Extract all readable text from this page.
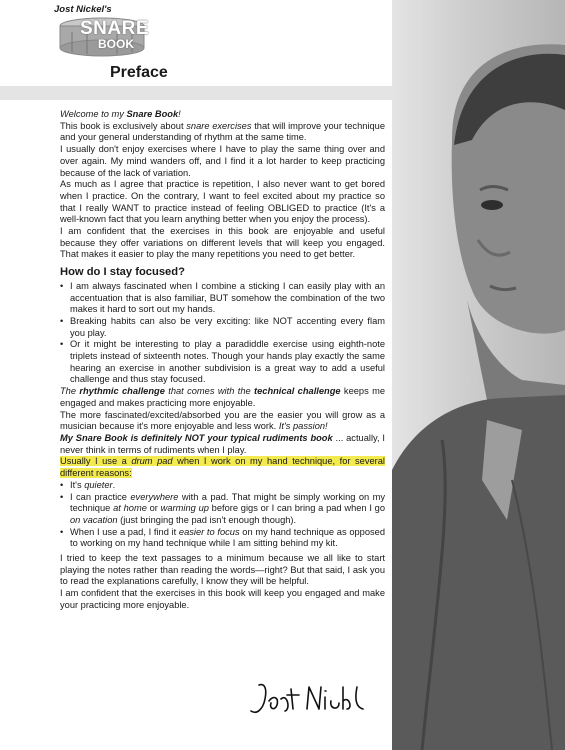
Jost Nickel's
SNARE
BOOK
Preface

Welcome to my Snare Book!

This book is exclusively about snare exercises that will improve your technique and your general understanding of rhythm at the same time.

I usually don't enjoy exercises where I have to play the same thing over and over again. My mind wanders off, and I find it a lot harder to keep practicing because of the lack of variation.

As much as I agree that practice is repetition, I also never want to get bored when I practice. On the contrary, I want to feel excited about my practice so that I really WANT to practice instead of feeling OBLIGED to practice (It's a well-known fact that you learn anything better when you enjoy the process).

I am confident that the exercises in this book are enjoyable and useful because they offer variations on different levels that will keep you engaged. That makes it easier to play the many repetitions you need to get better.

How do I stay focused?
• I am always fascinated when I combine a sticking I can easily play with an accentuation that is also familiar, BUT somehow the combination of the two makes it hard to sort out my hands.
• Breaking habits can also be very exciting: like NOT accenting every flam you play.
• Or it might be interesting to play a paradiddle exercise using eighth-note triplets instead of sixteenth notes. Though your hands play exactly the same hearing an exercise in another subdivision is a great way to add a useful challenge and thus stay focused.

The rhythmic challenge that comes with the technical challenge keeps me engaged and makes practicing more enjoyable.

The more fascinated/excited/absorbed you are the easier you will grow as a musician because it's more enjoyable and less work. It's passion!

My Snare Book is definitely NOT your typical rudiments book ... actually, I never think in terms of rudiments when I play.

Usually I use a drum pad when I work on my hand technique, for several different reasons:

• It's quieter.
• I can practice everywhere with a pad. That might be simply working on my technique at home or warming up before gigs or I can bring a pad when I go on vacation (just bringing the pad isn't enough though).
• When I use a pad, I find it easier to focus on my hand technique as opposed to working on my hand technique while I am sitting behind my kit.

I tried to keep the text passages to a minimum because we all like to start playing the notes rather than reading the words—right? But that said, I ask you to read the explanations carefully, I know they will be helpful.

I am confident that the exercises in this book will keep you engaged and make your practicing more enjoyable.
